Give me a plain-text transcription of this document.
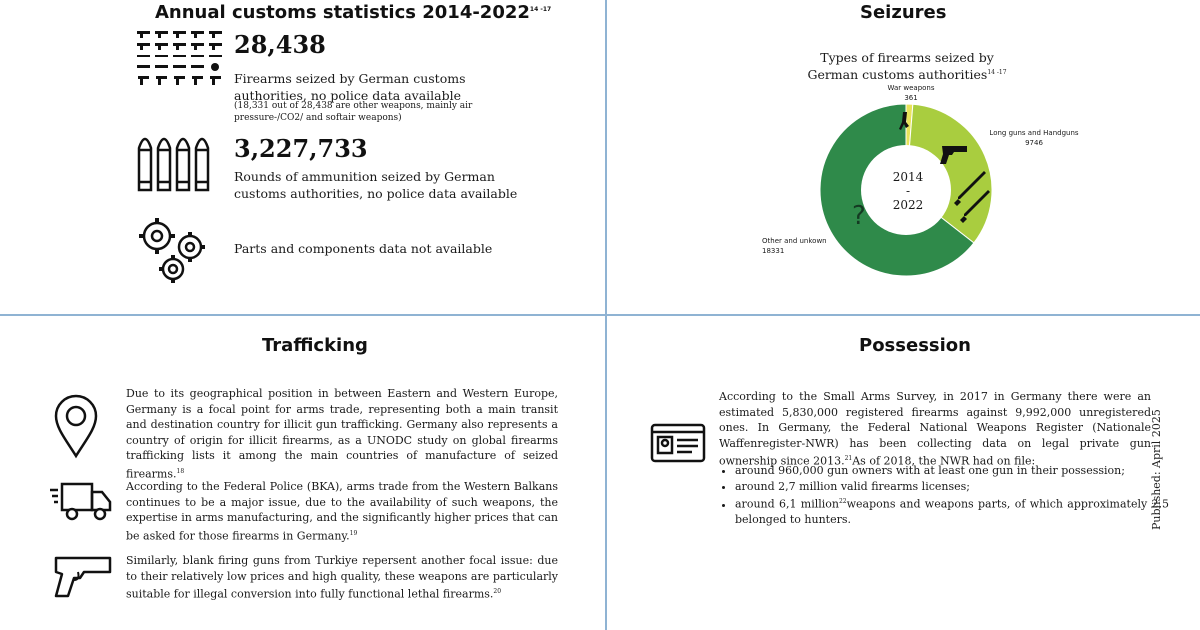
Annual customs statistics 2014-2022$^{14 -17}$
28,438
Firearms seized by German customs authorities, no police data available
(18,331 out of 28,438 are other weapons, mainly air pressure-/CO2/ and softair weapons)
3,227,733
Rounds of ammunition seized by German customs authorities, no police data available
Parts and components data not available
Seizures
Types of firearms seized by German customs authorities$^{14 -17}$
?
2014
-
2022
War weapons
361
Long guns and Handguns
9746
Other and unkown
18331
Trafficking
Due to its geographical position in between Eastern and Western Europe, Germany is a focal point for arms trade, representing both a main transit and destination country for illicit gun trafficking. Germany also represents a country of origin for illicit firearms, as a UNODC study on global firearms trafficking lists it among the main countries of manufacture of seized firearms.$^{18}$
According to the Federal Police (BKA), arms trade from the Western Balkans continues to be a major issue, due to the availability of such weapons, the expertise in arms manufacturing, and the significantly higher prices that can be asked for those firearms in Germany.$^{19}$
Similarly, blank firing guns from Turkiye repersent another focal issue: due to their relatively low prices and high quality, these weapons are particularly suitable for illegal conversion into fully functional lethal firearms.$^{20}$
Possession
According to the Small Arms Survey, in 2017 in Germany there were an estimated 5,830,000 registered firearms against 9,992,000 unregistered ones. In Germany, the Federal National Weapons Register (Nationale Waffenregister-NWR) has been collecting data on legal private gun ownership since 2013.21As of 2018, the NWR had on file:
• around 960,000 gun owners with at least one gun in their possession;
• around 2,7 million valid firearms licenses;
• around 6,1 million$^{22}$weapons and weapons parts, of which approximately 2,5 belonged to hunters.	Published: April 2025
